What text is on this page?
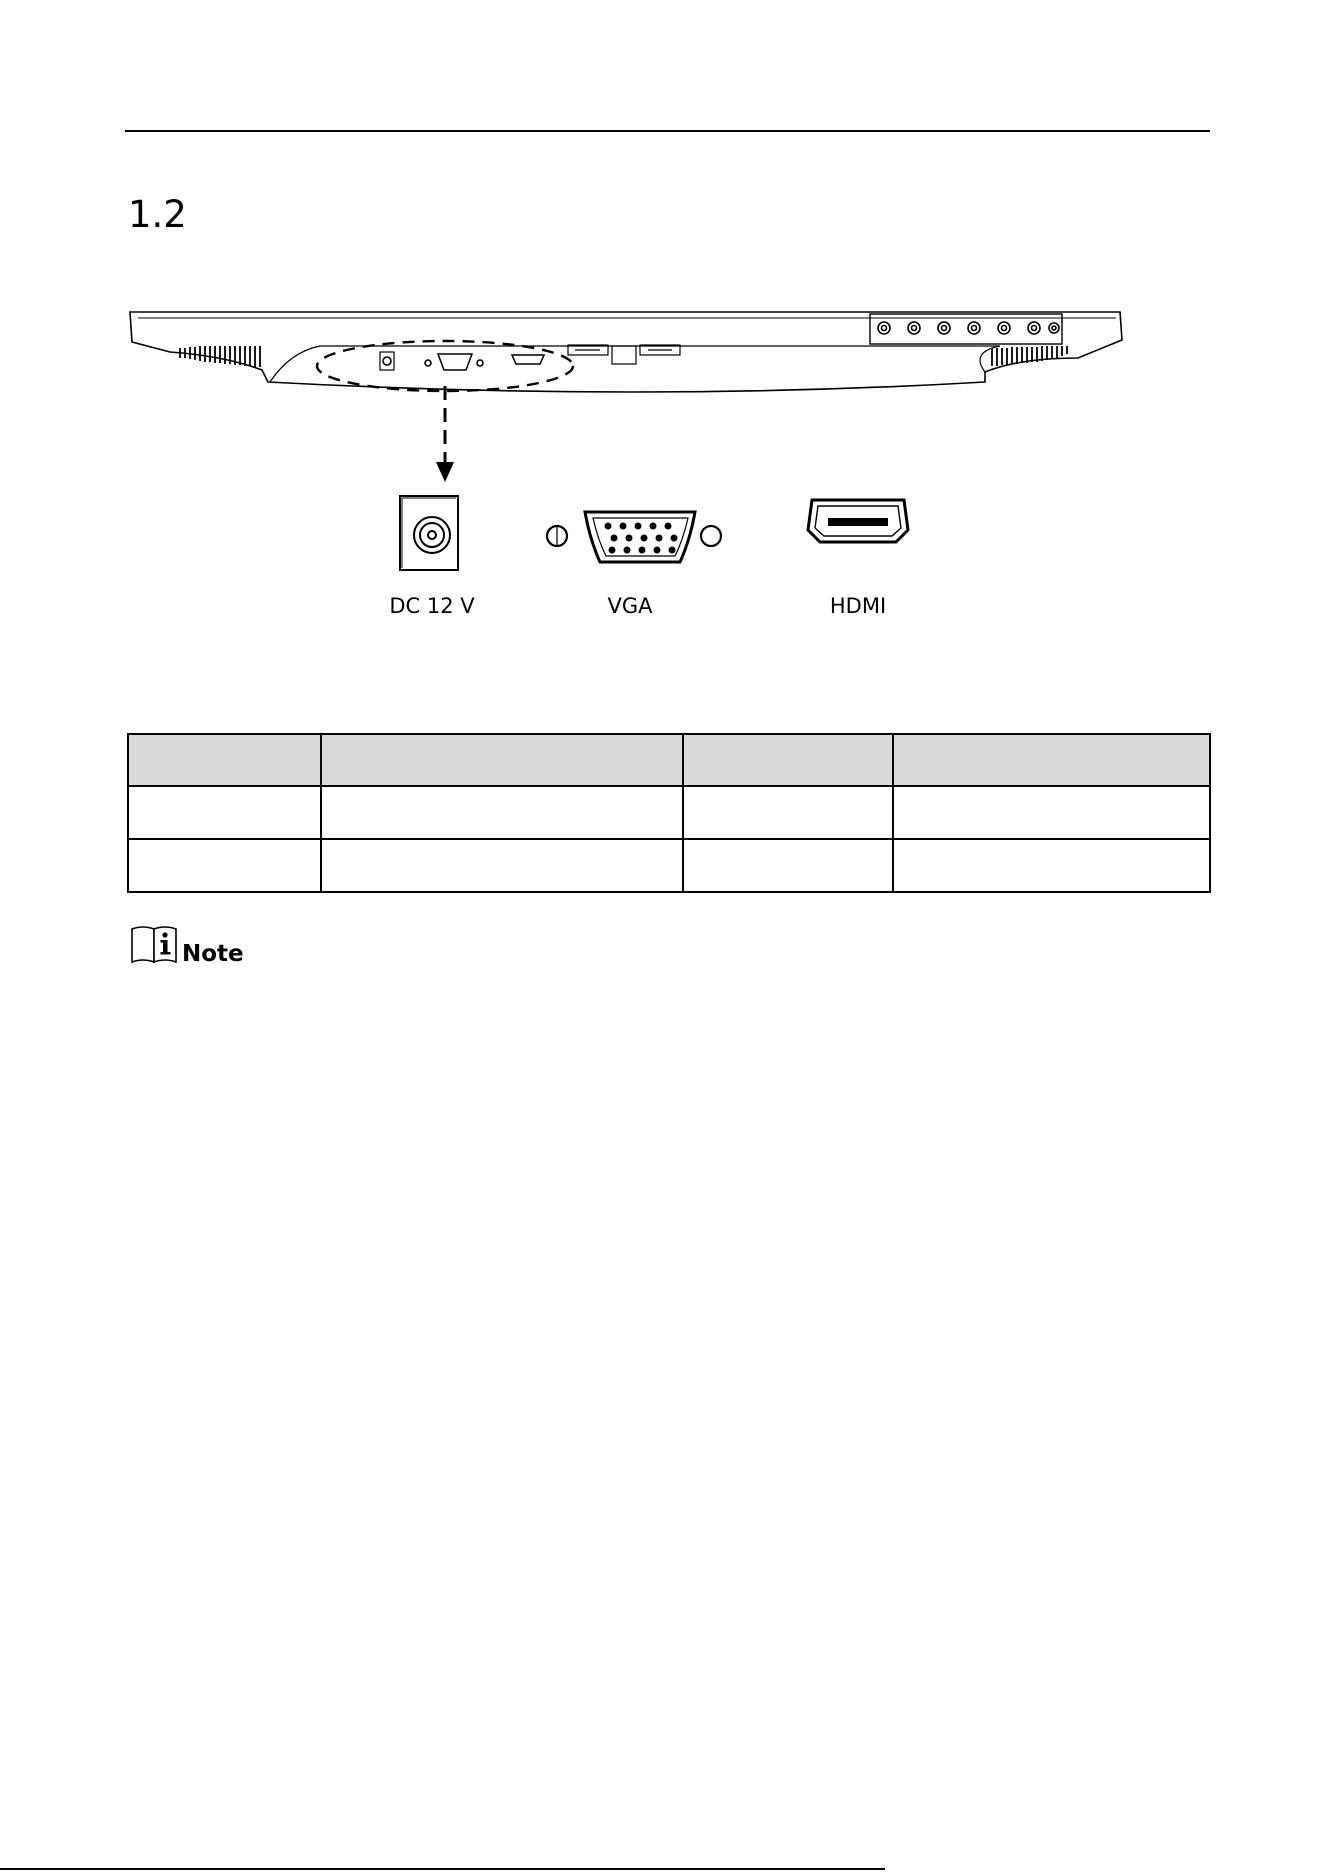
1.2
DC 12 V	VGA	HDMI

Note
